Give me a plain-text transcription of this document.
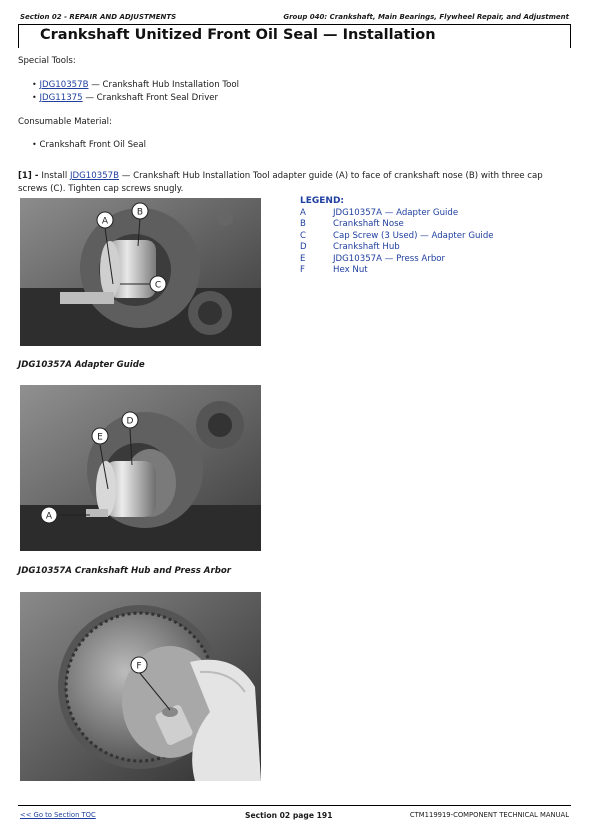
Section 02 - REPAIR AND ADJUSTMENTS	Group 040: Crankshaft, Main Bearings, Flywheel Repair, and Adjustment
Crankshaft Unitized Front Oil Seal — Installation
Special Tools:
• JDG10357B — Crankshaft Hub Installation Tool
• JDG11375 — Crankshaft Front Seal Driver
Consumable Material:
• Crankshaft Front Oil Seal
[1] - Install JDG10357B — Crankshaft Hub Installation Tool adapter guide (A) to face of crankshaft nose (B) with three cap
screws (C). Tighten cap screws snugly.
LEGEND:
A	JDG10357A — Adapter Guide
B	Crankshaft Nose
C	Cap Screw (3 Used) — Adapter Guide
D	Crankshaft Hub
E	JDG10357A — Press Arbor
F	Hex Nut
A
B
C
JDG10357A Adapter Guide
D
E
A
JDG10357A Crankshaft Hub and Press Arbor
F
<< Go to Section TOC	Section 02 page 191	CTM119919-COMPONENT TECHNICAL MANUAL
